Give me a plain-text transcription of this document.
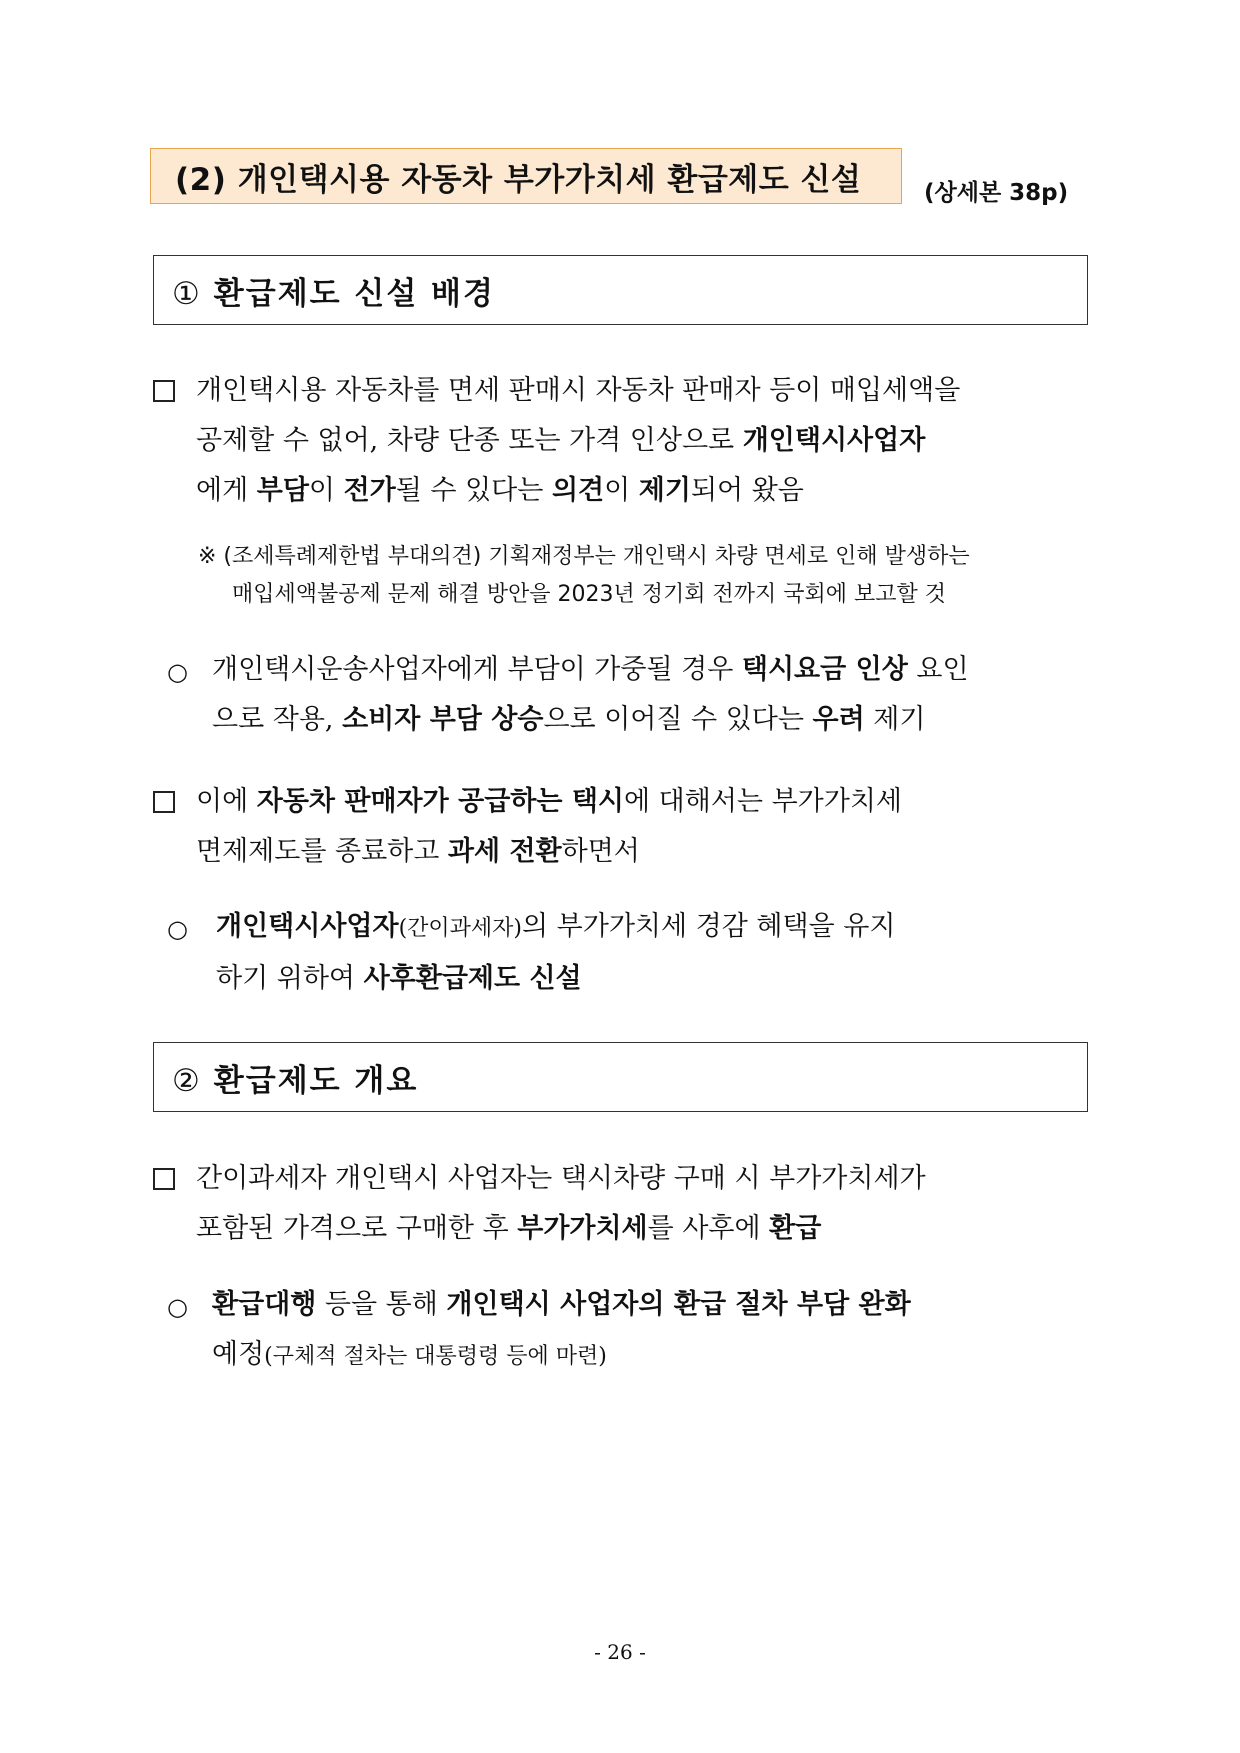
(2) 개인택시용 자동차 부가가치세 환급제도 신설	(상세본 38p)
① 환급제도 신설 배경
개인택시용 자동차를 면세 판매시 자동차 판매자 등이 매입세액을
공제할 수 없어, 차량 단종 또는 가격 인상으로 개인택시사업자
에게 부담이 전가될 수 있다는 의견이 제기되어 왔음
※ (조세특례제한법 부대의견) 기획재정부는 개인택시 차량 면세로 인해 발생하는
매입세액불공제 문제 해결 방안을 2023년 정기회 전까지 국회에 보고할 것
○ 개인택시운송사업자에게 부담이 가중될 경우 택시요금 인상 요인
으로 작용, 소비자 부담 상승으로 이어질 수 있다는 우려 제기
이에 자동차 판매자가 공급하는 택시에 대해서는 부가가치세
면제제도를 종료하고 과세 전환하면서
○ 개인택시사업자(간이과세자)의 부가가치세 경감 혜택을 유지
하기 위하여 사후환급제도 신설
② 환급제도 개요
간이과세자 개인택시 사업자는 택시차량 구매 시 부가가치세가
포함된 가격으로 구매한 후 부가가치세를 사후에 환급
○ 환급대행 등을 통해 개인택시 사업자의 환급 절차 부담 완화
예정(구체적 절차는 대통령령 등에 마련)
- 26 -
